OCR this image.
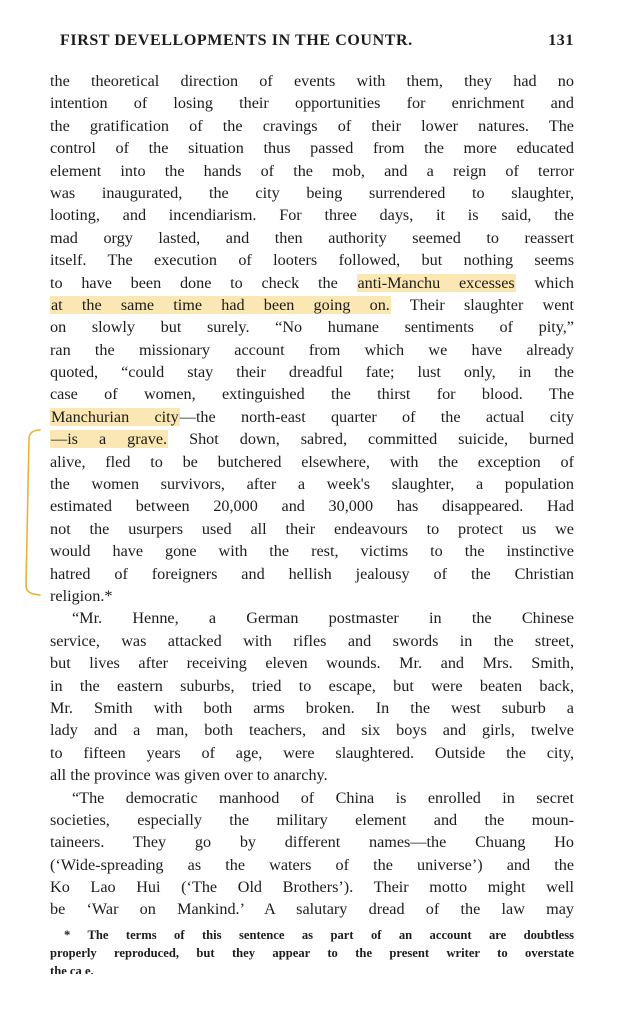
FIRST DEVELLOPMENTS IN THE COUNTR.	131
the theoretical direction of events with them, they had no
intention of losing their opportunities for enrichment and
the gratification of the cravings of their lower natures. The
control of the situation thus passed from the more educated
element into the hands of the mob, and a reign of terror
was inaugurated, the city being surrendered to slaughter,
looting, and incendiarism. For three days, it is said, the
mad orgy lasted, and then authority seemed to reassert
itself. The execution of looters followed, but nothing seems
to have been done to check the anti-Manchu excesses which
at the same time had been going on. Their slaughter went
on slowly but surely. “No humane sentiments of pity,”
ran the missionary account from which we have already
quoted, “could stay their dreadful fate; lust only, in the
case of women, extinguished the thirst for blood. The
Manchurian city—the north-east quarter of the actual city
—is a grave. Shot down, sabred, committed suicide, burned
alive, fled to be butchered elsewhere, with the exception of
the women survivors, after a week's slaughter, a population
estimated between 20,000 and 30,000 has disappeared. Had
not the usurpers used all their endeavours to protect us we
would have gone with the rest, victims to the instinctive
hatred of foreigners and hellish jealousy of the Christian
religion.*
“Mr. Henne, a German postmaster in the Chinese
service, was attacked with rifles and swords in the street,
but lives after receiving eleven wounds. Mr. and Mrs. Smith,
in the eastern suburbs, tried to escape, but were beaten back,
Mr. Smith with both arms broken. In the west suburb a
lady and a man, both teachers, and six boys and girls, twelve
to fifteen years of age, were slaughtered. Outside the city,
all the province was given over to anarchy.
“The democratic manhood of China is enrolled in secret
societies, especially the military element and the moun-
taineers. They go by different names—the Chuang Ho
(‘Wide-spreading as the waters of the universe’) and the
Ko Lao Hui (‘The Old Brothers’). Their motto might well
be ‘War on Mankind.’ A salutary dread of the law may
* The terms of this sentence as part of an account are doubtless
properly reproduced, but they appear to the present writer to overstate
the ca e.
